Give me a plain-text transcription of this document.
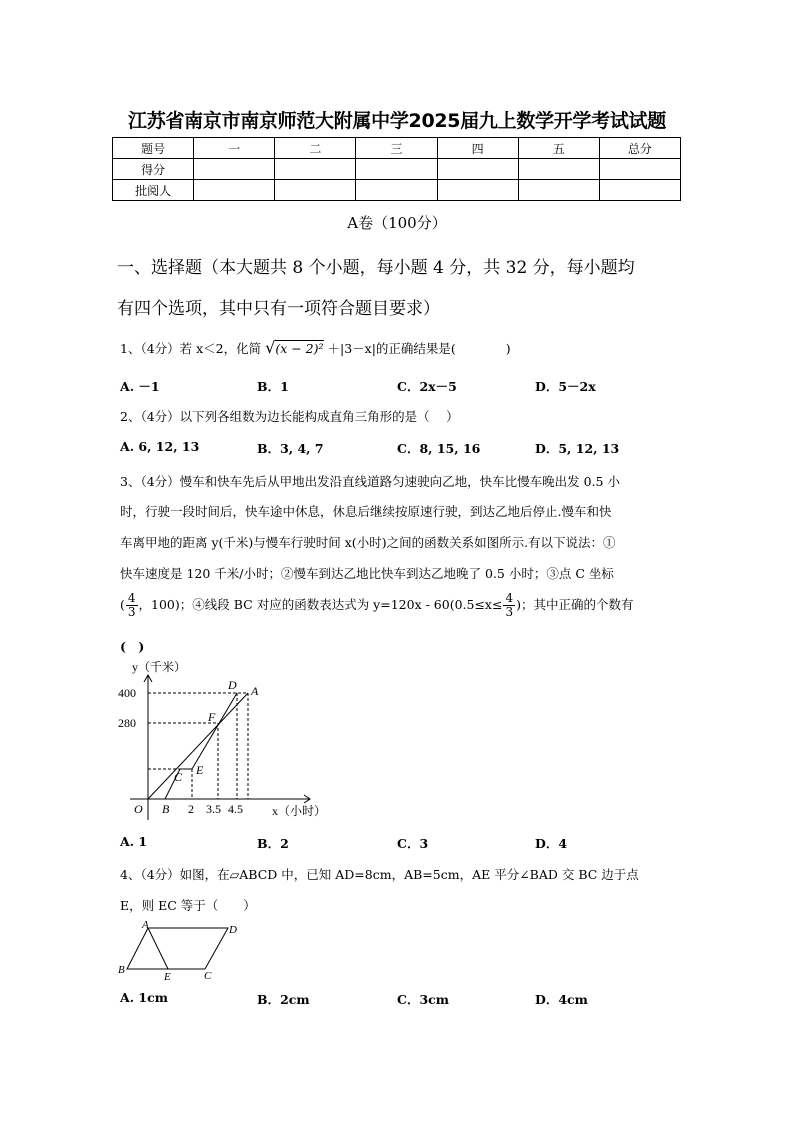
江苏省南京市南京师范大附属中学2025届九上数学开学考试试题
题号	一	二	三	四	五	总分
得分						
批阅人						
A卷（100分）
一、选择题（本大题共 8 个小题，每小题 4 分，共 32 分，每小题均
有四个选项，其中只有一项符合题目要求）
1、（4分）若 x＜2，化简 √(x − 2)² ＋|3－x|的正确结果是(　　　　)
A. －1	B．1	C．2x－5	D．5－2x
2、（4分）以下列各组数为边长能构成直角三角形的是（　 ）
A. 6, 12, 13	B．3, 4, 7	C．8, 15, 16	D．5, 12, 13
3、（4分）慢车和快车先后从甲地出发沿直线道路匀速驶向乙地，快车比慢车晚出发 0.5 小
时，行驶一段时间后，快车途中休息，休息后继续按原速行驶，到达乙地后停止.慢车和快
车离甲地的距离 y(千米)与慢车行驶时间 x(小时)之间的函数关系如图所示.有以下说法：①
快车速度是 120 千米/小时；②慢车到达乙地比快车到达乙地晚了 0.5 小时；③点 C 坐标
( $\frac{4}{3}$ ，100)；④线段 BC 对应的函数表达式为 $y=120x - 60(0.5\le x\le \frac{4}{3}$ )；其中正确的个数有
(　)
y（千米）
400
280
2 3.5 4.5 x（小时）
O B
C E
F
D A
A. 1	B．2	C．3	D．4
4、（4分）如图，在▱ABCD 中，已知 AD=8cm，AB=5cm，AE 平分∠BAD 交 BC 边于点
E，则 EC 等于（　　）
A
B	C
D
E
A. 1cm	B．2cm	C．3cm	D．4cm
